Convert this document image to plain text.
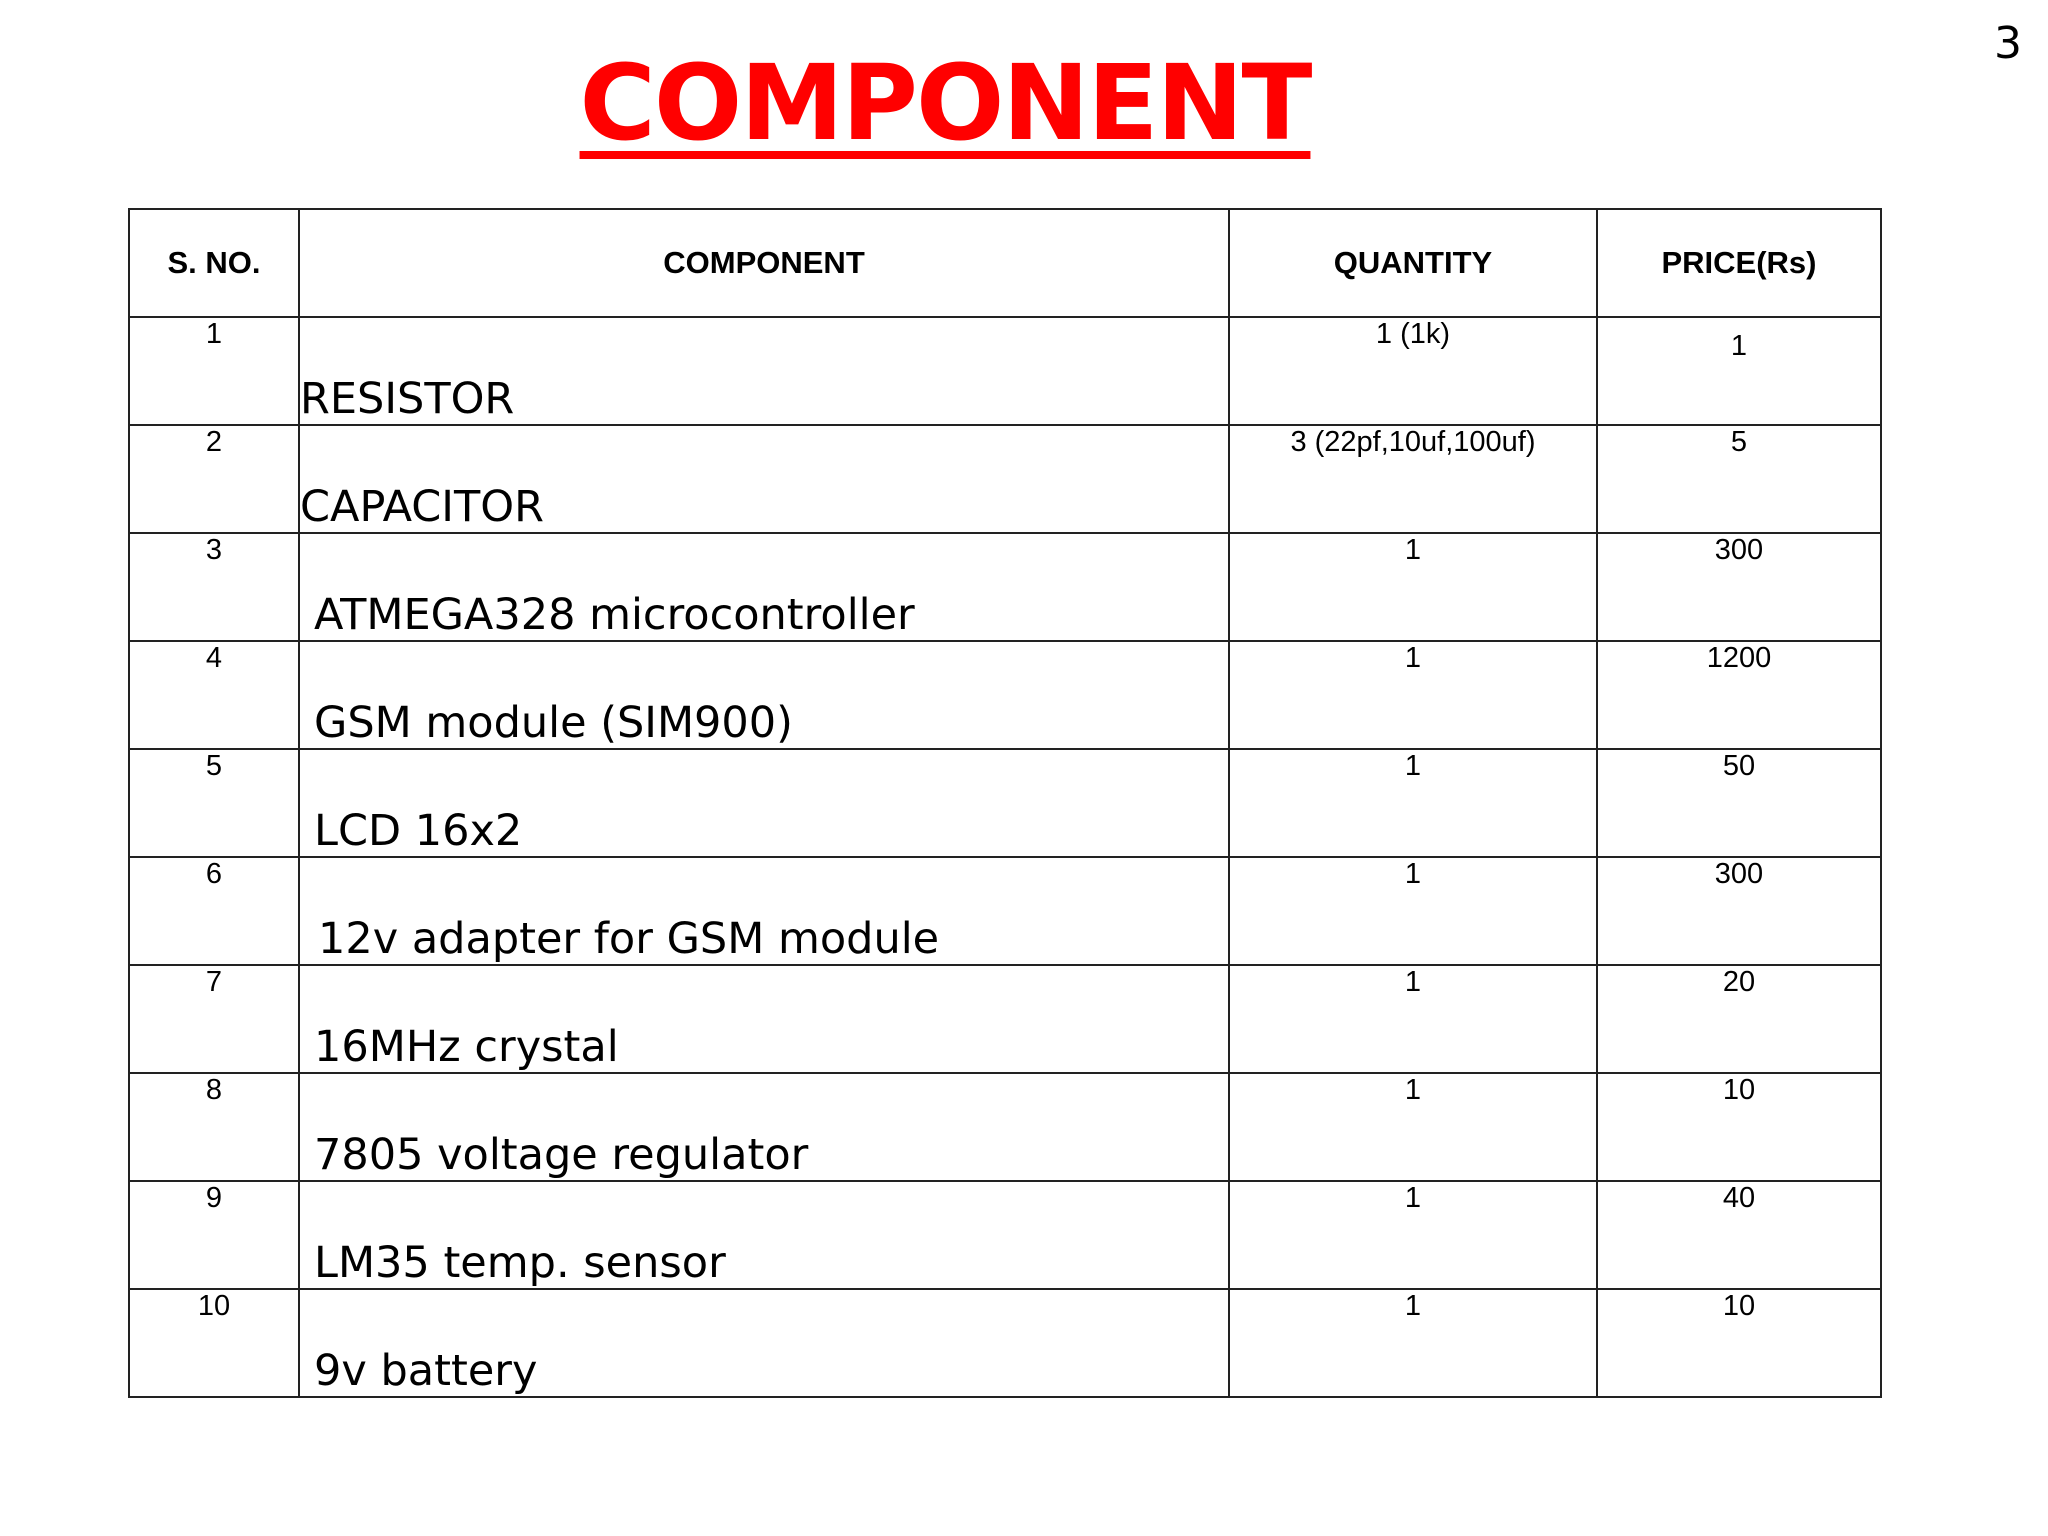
3
COMPONENT
S. NO.	COMPONENT	QUANTITY	PRICE(Rs)
1	RESISTOR	1 (1k)	1
2	CAPACITOR	3 (22pf,10uf,100uf)	5
3	ATMEGA328 microcontroller	1	300
4	GSM module (SIM900)	1	1200
5	LCD 16x2	1	50
6	12v adapter for GSM module	1	300
7	16MHz crystal	1	20
8	7805 voltage regulator	1	10
9	LM35 temp. sensor	1	40
10	9v battery	1	10
